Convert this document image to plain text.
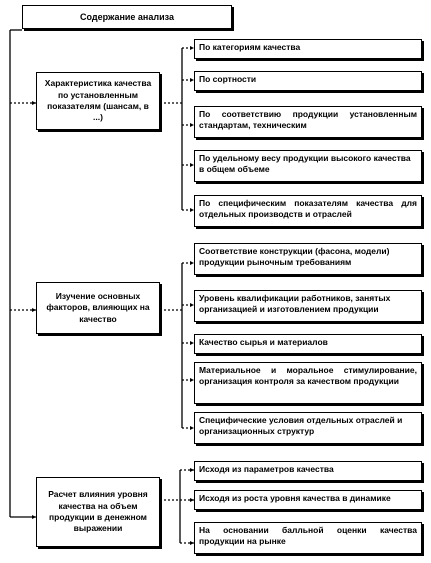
Содержание анализа
Характеристика качества по установленным показателям (шансам, в ...)
Изучение основных факторов, влияющих на качество
Расчет влияния уровня качества на объем продукции в денежном выражении
По категориям качества
По сортности
По соответствию продукции установленным стандартам, техническим
По удельному весу продукции высокого качества в общем объеме
По специфическим показателям качества для отдельных производств и отраслей
Соответствие конструкции (фасона, модели) продукции рыночным требованиям
Уровень квалификации работников, занятых организацией и изготовлением продукции
Качество сырья и материалов
Материальное и моральное стимулирование, организация контроля за качеством продукции
Специфические условия отдельных отраслей и организационных структур
Исходя из параметров качества
Исходя из роста уровня качества в динамике
На основании балльной оценки качества продукции на рынке
